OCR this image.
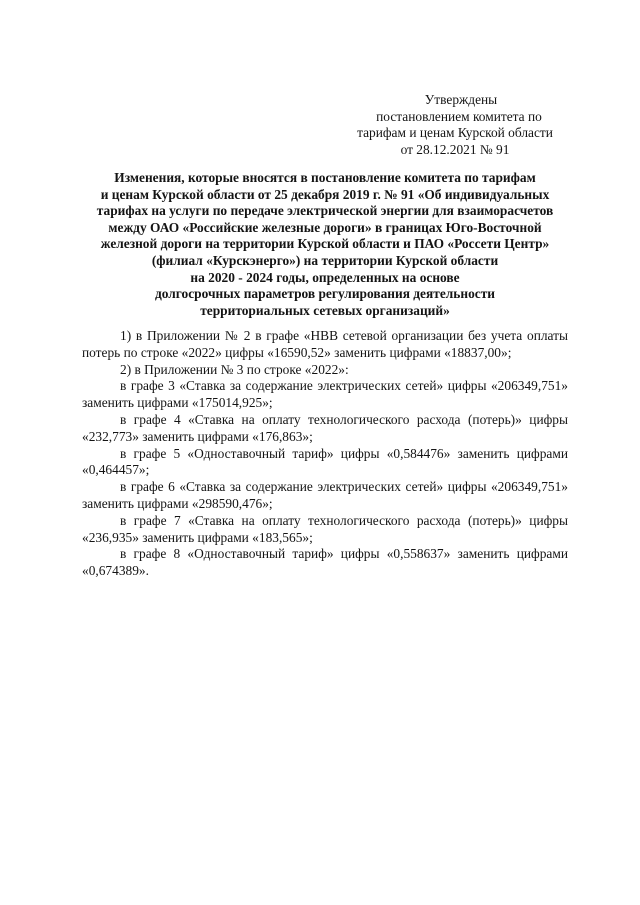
Утверждены
постановлением комитета по
тарифам и ценам Курской области
от 28.12.2021 № 91
Изменения, которые вносятся в постановление комитета по тарифам
и ценам Курской области от 25 декабря 2019 г. № 91 «Об индивидуальных
тарифах на услуги по передаче электрической энергии для взаиморасчетов
между ОАО «Российские железные дороги» в границах Юго-Восточной
железной дороги на территории Курской области и ПАО «Россети Центр»
(филиал «Курскэнерго») на территории Курской области
на 2020 - 2024 годы, определенных на основе
долгосрочных параметров регулирования деятельности
территориальных сетевых организаций»

1) в Приложении № 2 в графе «НВВ сетевой организации без учета оплаты потерь по строке «2022» цифры «16590,52» заменить цифрами «18837,00»;

2) в Приложении № 3 по строке «2022»:

в графе 3 «Ставка за содержание электрических сетей» цифры «206349,751» заменить цифрами «175014,925»;

в графе 4 «Ставка на оплату технологического расхода (потерь)» цифры «232,773» заменить цифрами «176,863»;

в графе 5 «Одноставочный тариф» цифры «0,584476» заменить цифрами «0,464457»;

в графе 6 «Ставка за содержание электрических сетей» цифры «206349,751» заменить цифрами «298590,476»;

в графе 7 «Ставка на оплату технологического расхода (потерь)» цифры «236,935» заменить цифрами «183,565»;

в графе 8 «Одноставочный тариф» цифры «0,558637» заменить цифрами «0,674389».
